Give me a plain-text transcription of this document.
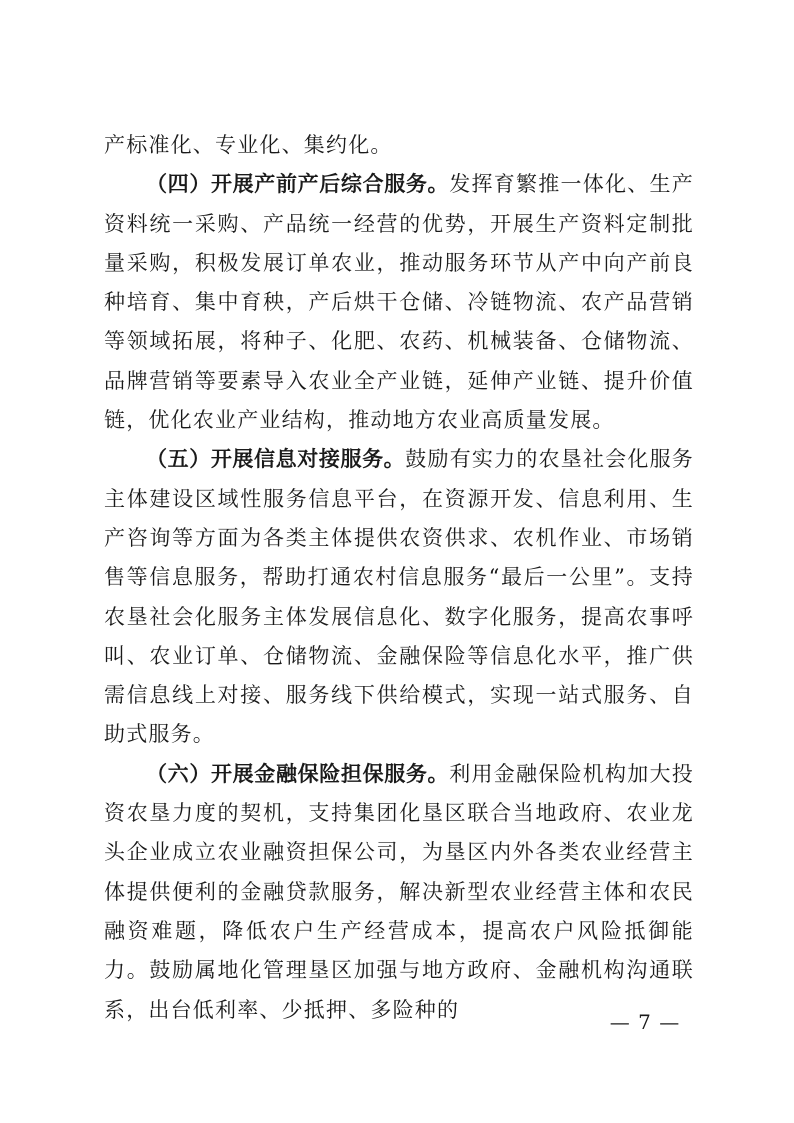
产标准化、专业化、集约化。

（四）开展产前产后综合服务。发挥育繁推一体化、生产资料统一采购、产品统一经营的优势，开展生产资料定制批量采购，积极发展订单农业，推动服务环节从产中向产前良种培育、集中育秧，产后烘干仓储、冷链物流、农产品营销等领域拓展，将种子、化肥、农药、机械装备、仓储物流、品牌营销等要素导入农业全产业链，延伸产业链、提升价值链，优化农业产业结构，推动地方农业高质量发展。

（五）开展信息对接服务。鼓励有实力的农垦社会化服务主体建设区域性服务信息平台，在资源开发、信息利用、生产咨询等方面为各类主体提供农资供求、农机作业、市场销售等信息服务，帮助打通农村信息服务“最后一公里”。支持农垦社会化服务主体发展信息化、数字化服务，提高农事呼叫、农业订单、仓储物流、金融保险等信息化水平，推广供需信息线上对接、服务线下供给模式，实现一站式服务、自助式服务。

（六）开展金融保险担保服务。利用金融保险机构加大投资农垦力度的契机，支持集团化垦区联合当地政府、农业龙头企业成立农业融资担保公司，为垦区内外各类农业经营主体提供便利的金融贷款服务，解决新型农业经营主体和农民融资难题，降低农户生产经营成本，提高农户风险抵御能力。鼓励属地化管理垦区加强与地方政府、金融机构沟通联系，出台低利率、少抵押、多险种的

— 7 —
